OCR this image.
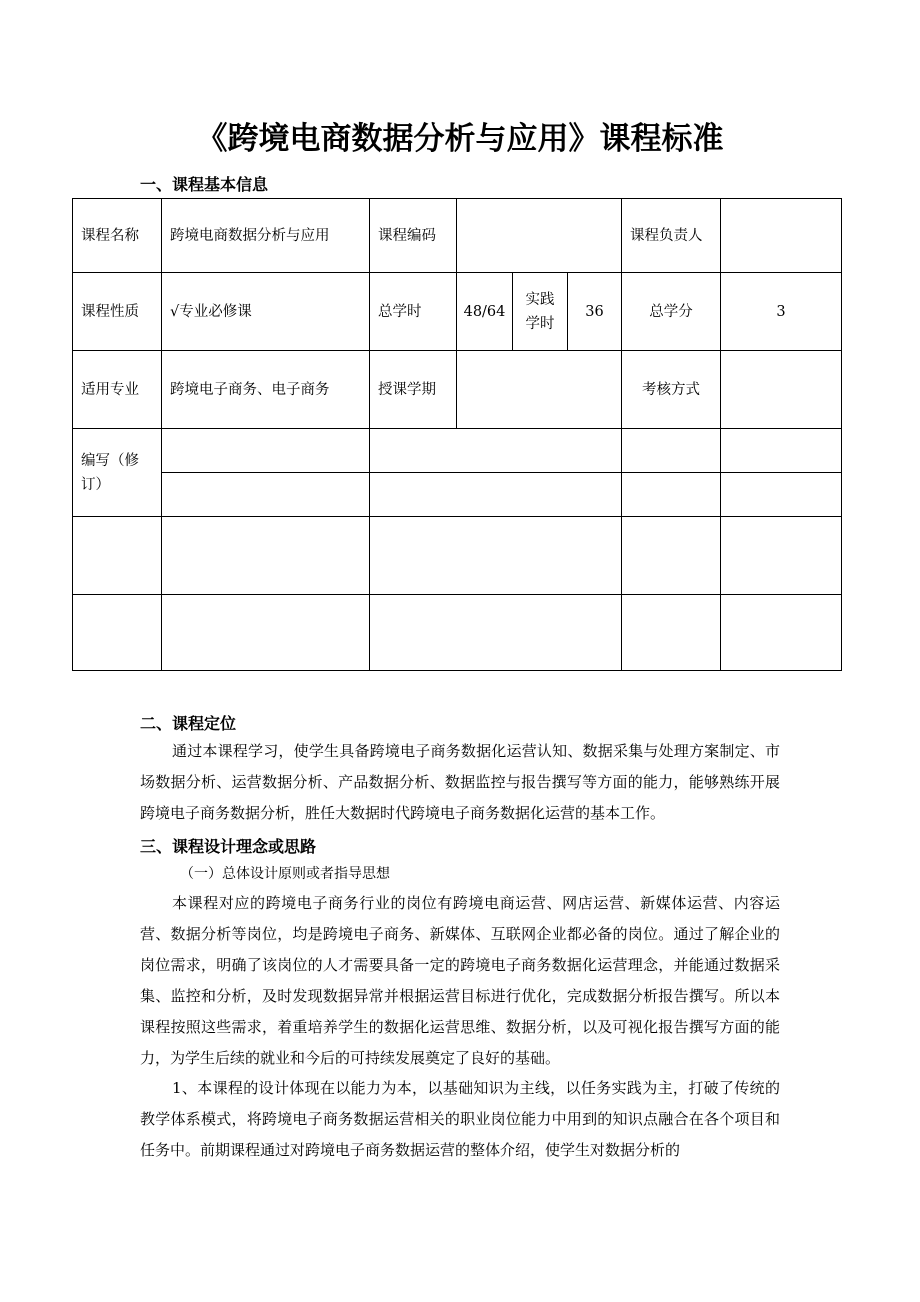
《跨境电商数据分析与应用》课程标准
一、课程基本信息
课程名称	跨境电商数据分析与应用	课程编码				课程负责人	
课程性质	√专业必修课	总学时	48/64	实践学时	36	总学分	3
适用专业	跨境电子商务、电子商务	授课学期				考核方式	
编写（修订）							

二、课程定位
通过本课程学习，使学生具备跨境电子商务数据化运营认知、数据采集与处理方案制定、市场数据分析、运营数据分析、产品数据分析、数据监控与报告撰写等方面的能力，能够熟练开展跨境电子商务数据分析，胜任大数据时代跨境电子商务数据化运营的基本工作。
三、课程设计理念或思路
（一）总体设计原则或者指导思想
本课程对应的跨境电子商务行业的岗位有跨境电商运营、网店运营、新媒体运营、内容运营、数据分析等岗位，均是跨境电子商务、新媒体、互联网企业都必备的岗位。通过了解企业的岗位需求，明确了该岗位的人才需要具备一定的跨境电子商务数据化运营理念，并能通过数据采集、监控和分析，及时发现数据异常并根据运营目标进行优化，完成数据分析报告撰写。所以本课程按照这些需求，着重培养学生的数据化运营思维、数据分析，以及可视化报告撰写方面的能力，为学生后续的就业和今后的可持续发展奠定了良好的基础。
1、本课程的设计体现在以能力为本，以基础知识为主线，以任务实践为主，打破了传统的教学体系模式，将跨境电子商务数据运营相关的职业岗位能力中用到的知识点融合在各个项目和任务中。前期课程通过对跨境电子商务数据运营的整体介绍，使学生对数据分析的
